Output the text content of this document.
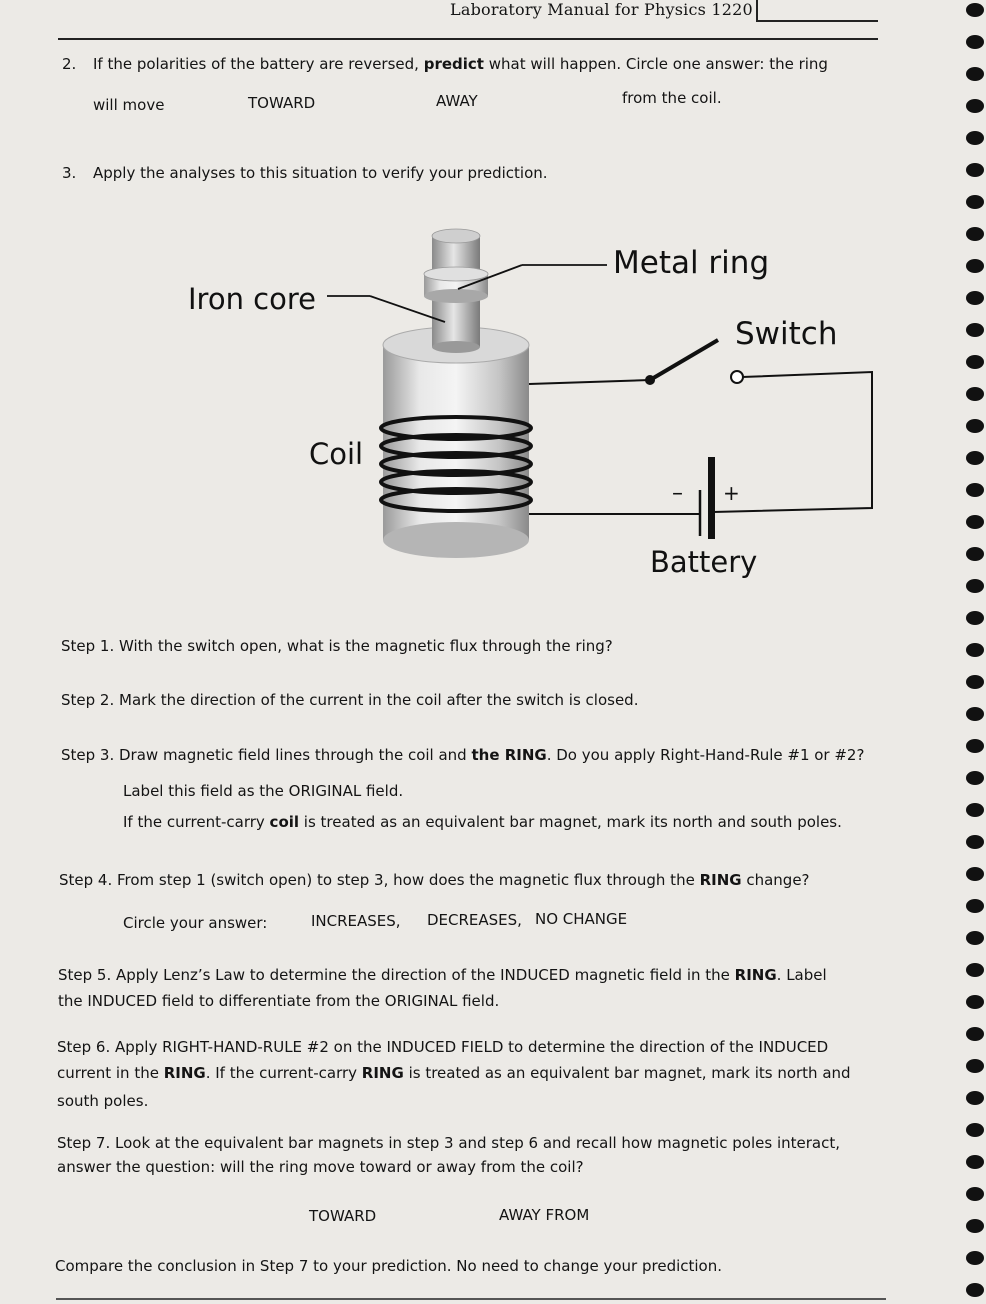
Laboratory Manual for Physics 1220
2. If the polarities of the battery are reversed, predict what will happen. Circle one answer: the ring
will move	TOWARD	AWAY	from the coil.
3. Apply the analyses to this situation to verify your prediction.
Metal ring
Iron core
Switch
Coil
– +
Battery
Step 1. With the switch open, what is the magnetic flux through the ring?
Step 2. Mark the direction of the current in the coil after the switch is closed.
Step 3. Draw magnetic field lines through the coil and the RING. Do you apply Right-Hand-Rule #1 or #2?
Label this field as the ORIGINAL field.
If the current-carry coil is treated as an equivalent bar magnet, mark its north and south poles.
Step 4. From step 1 (switch open) to step 3, how does the magnetic flux through the RING change?
Circle your answer:	INCREASES, DECREASES, NO CHANGE
Step 5. Apply Lenz’s Law to determine the direction of the INDUCED magnetic field in the RING. Label
the INDUCED field to differentiate from the ORIGINAL field.
Step 6. Apply RIGHT-HAND-RULE #2 on the INDUCED FIELD to determine the direction of the INDUCED
current in the RING. If the current-carry RING is treated as an equivalent bar magnet, mark its north and
south poles.
Step 7. Look at the equivalent bar magnets in step 3 and step 6 and recall how magnetic poles interact,
answer the question: will the ring move toward or away from the coil?
TOWARD	AWAY FROM
Compare the conclusion in Step 7 to your prediction. No need to change your prediction.
